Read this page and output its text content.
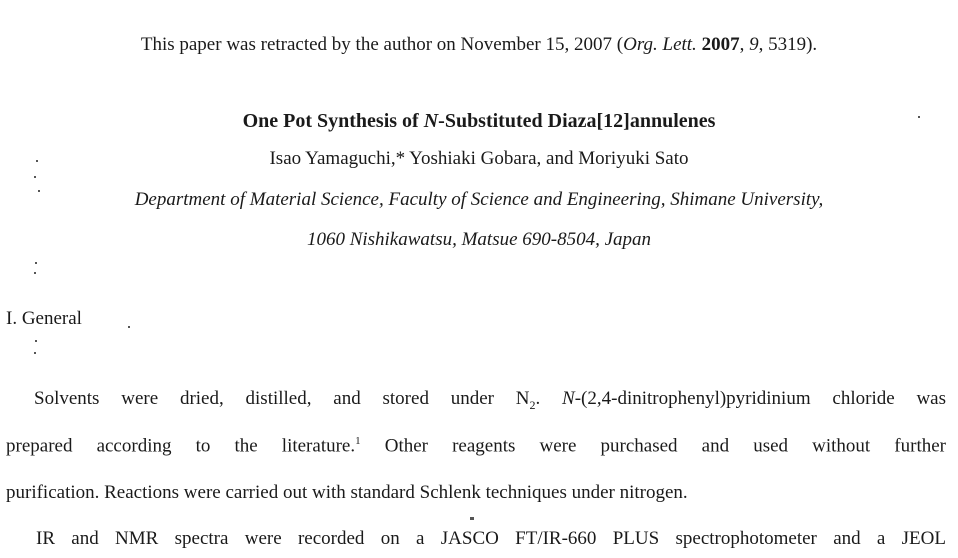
This paper was retracted by the author on November 15, 2007 (Org. Lett. 2007, 9, 5319).
One Pot Synthesis of N-Substituted Diaza[12]annulenes
Isao Yamaguchi,* Yoshiaki Gobara, and Moriyuki Sato
Department of Material Science, Faculty of Science and Engineering, Shimane University,
1060 Nishikawatsu, Matsue 690-8504, Japan
I. General
Solvents were dried, distilled, and stored under $N_2$. N-(2,4-dinitrophenyl)pyridinium chloride was
prepared according to the literature.$^1$ Other reagents were purchased and used without further
purification. Reactions were carried out with standard Schlenk techniques under nitrogen.
IR and NMR spectra were recorded on a JASCO FT/IR-660 PLUS spectrophotometer and a JEOL
